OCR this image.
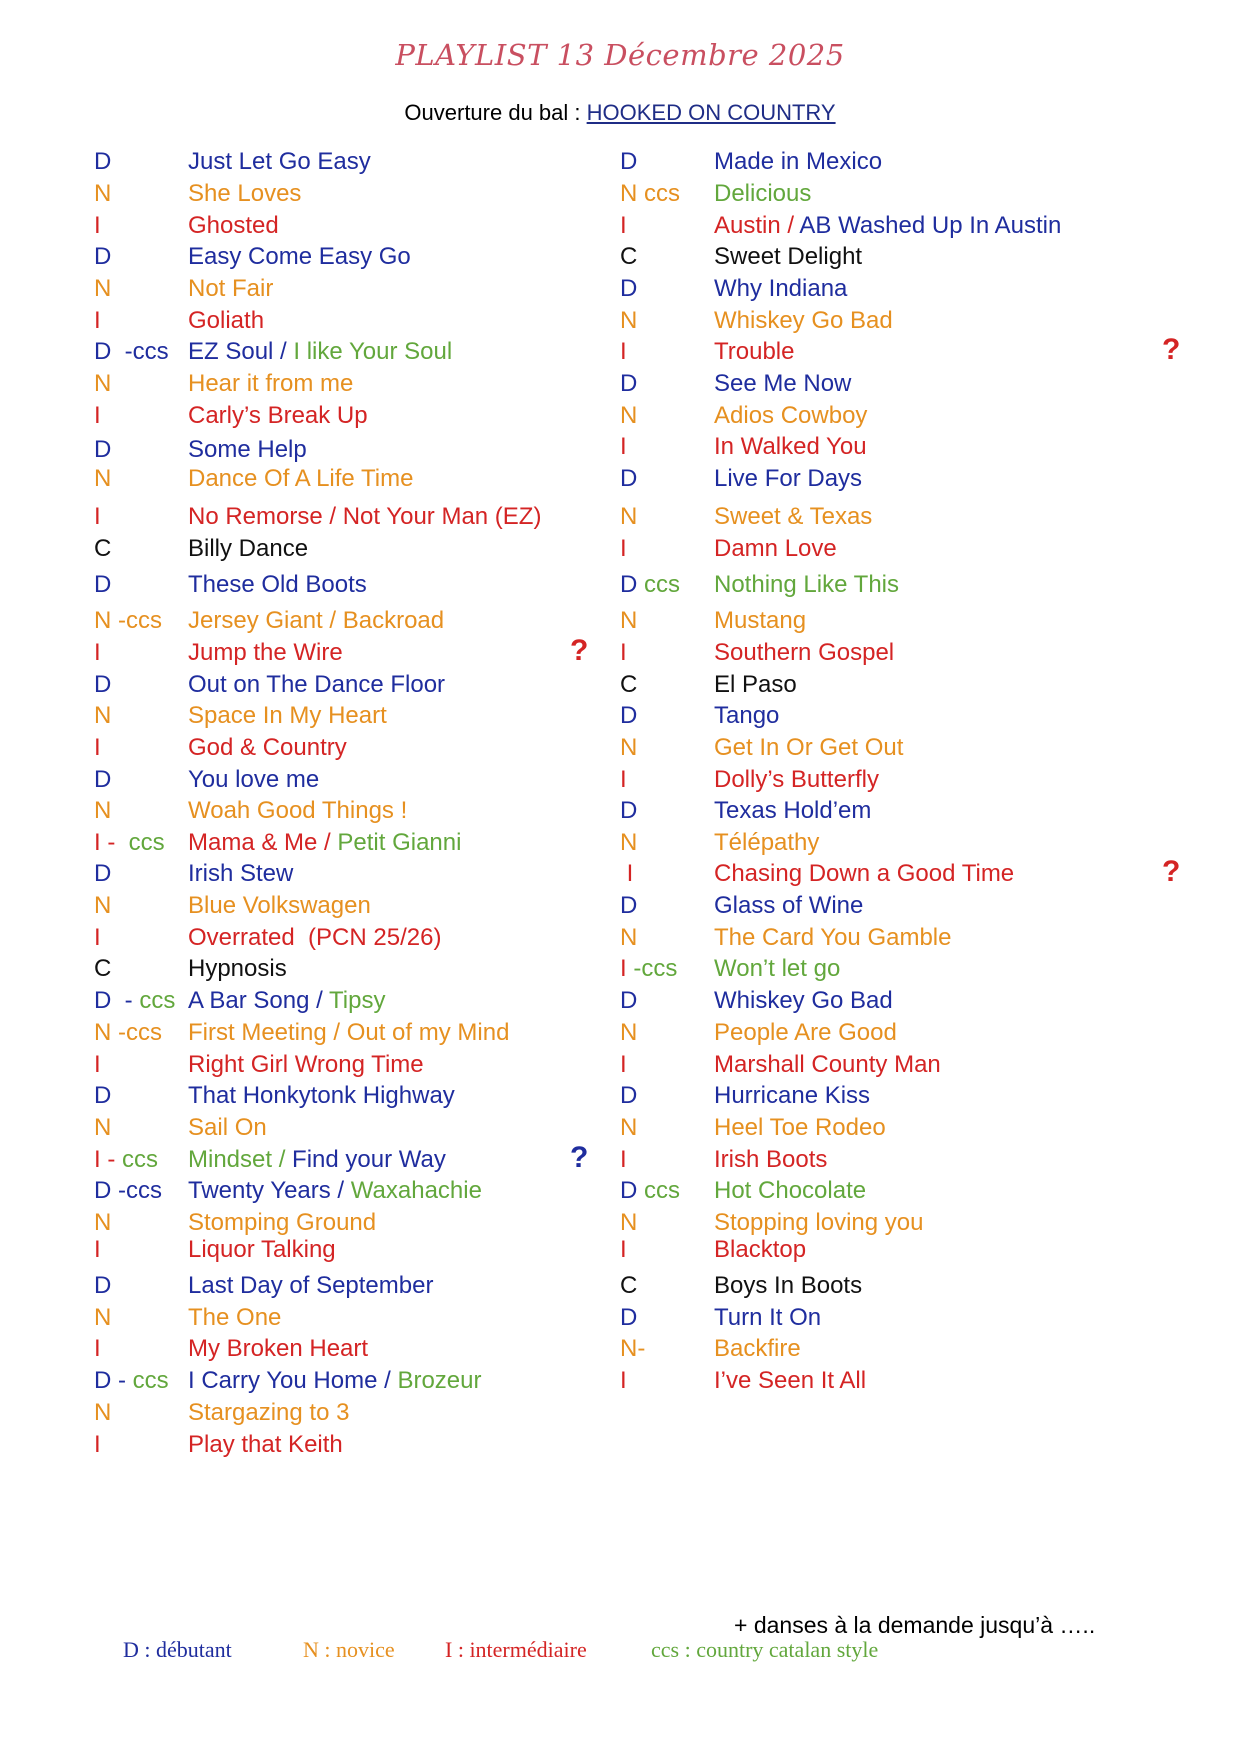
PLAYLIST 13 Décembre 2025
Ouverture du bal : HOOKED ON COUNTRY
D	Just Let Go Easy
N	She Loves
I	Ghosted
D	Easy Come Easy Go
N	Not Fair
I	Goliath
D  -ccs EZ Soul / I like Your Soul
N	Hear it from me
I	Carly’s Break Up
D	Some Help
N	Dance Of A Life Time
I	No Remorse / Not Your Man (EZ)
C	Billy Dance
D	These Old Boots
N -ccs Jersey Giant / Backroad
I	Jump the Wire	?
D	Out on The Dance Floor
N	Space In My Heart
I	God & Country
D	You love me
N	Woah Good Things !
I -  ccs Mama & Me / Petit Gianni
D	Irish Stew
N	Blue Volkswagen
I	Overrated  (PCN 25/26)
C	Hypnosis
D  - ccs A Bar Song / Tipsy
N -ccs First Meeting / Out of my Mind
I	Right Girl Wrong Time
D	That Honkytonk Highway
N	Sail On
I - ccs Mindset / Find your Way	?
D -ccs Twenty Years / Waxahachie
N	Stomping Ground
I	Liquor Talking
D	Last Day of September
N	The One
I	My Broken Heart
D - ccs I Carry You Home / Brozeur
N	Stargazing to 3
I	Play that Keith
D	Made in Mexico
N ccs Delicious
I	Austin / AB Washed Up In Austin
C	Sweet Delight
D	Why Indiana
N	Whiskey Go Bad
I	Trouble	?
D	See Me Now
N	Adios Cowboy
I	In Walked You
D	Live For Days
N	Sweet & Texas
I	Damn Love
D ccs Nothing Like This
N	Mustang
I	Southern Gospel
C	El Paso
D	Tango
N	Get In Or Get Out
I	Dolly’s Butterfly
D	Texas Hold’em
N	Télépathy
I	Chasing Down a Good Time	?
D	Glass of Wine
N	The Card You Gamble
I -ccs Won’t let go
D	Whiskey Go Bad
N	People Are Good
I	Marshall County Man
D	Hurricane Kiss
N	Heel Toe Rodeo
I	Irish Boots
D ccs Hot Chocolate
N	Stopping loving you
I	Blacktop
C	Boys In Boots
D	Turn It On
N-	Backfire
I	I’ve Seen It All
+ danses à la demande jusqu’à …..
D : débutant	N : novice I : intermédiaire	ccs : country catalan style
